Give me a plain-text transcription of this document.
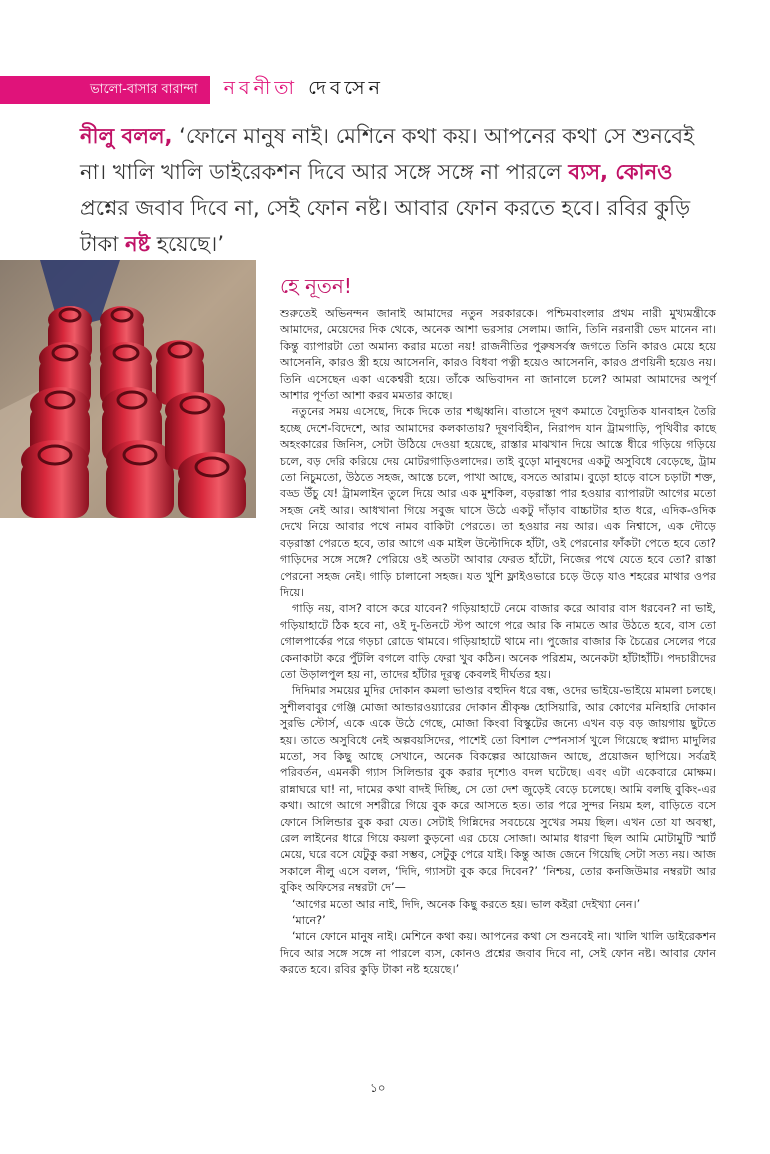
ভালো-বাসার বারান্দা	নবনীতা দেবসেন

নীলু বলল, ‘ফোনে মানুষ নাই। মেশিনে কথা কয়। আপনের কথা সে শুনবেই না। খালি খালি ডাইরেকশন দিবে আর সঙ্গে সঙ্গে না পারলে ব্যস, কোনও প্রশ্নের জবাব দিবে না, সেই ফোন নষ্ট। আবার ফোন করতে হবে। রবির কুড়ি টাকা নষ্ট হয়েছে।’

হে নূতন!

শুরুতেই অভিনন্দন জানাই আমাদের নতুন সরকারকে। পশ্চিমবাংলার প্রথম নারী মুখ্যমন্ত্রীকে আমাদের, মেয়েদের দিক থেকে, অনেক আশা ভরসার সেলাম। জানি, তিনি নরনারী ভেদ মানেন না। কিন্তু ব্যাপারটা তো অমান্য করার মতো নয়! রাজনীতির পুরুষসর্বস্ব জগতে তিনি কারও মেয়ে হয়ে আসেননি, কারও স্ত্রী হয়ে আসেননি, কারও বিধবা পত্নী হয়েও আসেননি, কারও প্রণয়িনী হয়েও নয়। তিনি এসেছেন একা একেশ্বরী হয়ে। তাঁকে অভিবাদন না জানালে চলে? আমরা আমাদের অপূর্ণ আশার পূর্ণতা আশা করব মমতার কাছে।

নতুনের সময় এসেছে, দিকে দিকে তার শঙ্খধ্বনি। বাতাসে দূষণ কমাতে বৈদ্যুতিক যানবাহন তৈরি হচ্ছে দেশে-বিদেশে, আর আমাদের কলকাতায়? দূষণবিহীন, নিরাপদ যান ট্রামগাড়ি, পৃথিবীর কাছে অহংকারের জিনিস, সেটা উঠিয়ে দেওয়া হয়েছে, রাস্তার মাঝখান দিয়ে আস্তে ধীরে গড়িয়ে গড়িয়ে চলে, বড় দেরি করিয়ে দেয় মোটরগাড়িওলাদের। তাই বুড়ো মানুষদের একটু অসুবিধে বেড়েছে, ট্রাম তো নিচুমতো, উঠতে সহজ, আস্তে চলে, পাখা আছে, বসতে আরাম। বুড়ো হাড়ে বাসে চড়াটা শক্ত, বড্ড উঁচু যে! ট্রামলাইন তুলে দিয়ে আর এক মুশকিল, বড়রাস্তা পার হওয়ার ব্যাপারটা আগের মতো সহজ নেই আর। আধখানা গিয়ে সবুজ ঘাসে উঠে একটু দাঁড়াব বাচ্চাটার হাত ধরে, এদিক-ওদিক দেখে নিয়ে আবার পথে নামব বাকিটা পেরতে। তা হওয়ার নয় আর। এক নিশ্বাসে, এক দৌড়ে বড়রাস্তা পেরতে হবে, তার আগে এক মাইল উল্টোদিকে হাঁটা, ওই পেরনোর ফাঁকটা পেতে হবে তো? গাড়িদের সঙ্গে সঙ্গে? পেরিয়ে ওই অতটা আবার ফেরত হাঁটো, নিজের পথে যেতে হবে তো? রাস্তা পেরনো সহজ নেই। গাড়ি চালানো সহজ। যত খুশি ফ্লাইওভারে চড়ে উড়ে যাও শহরের মাথার ওপর দিয়ে।

গাড়ি নয়, বাস? বাসে করে যাবেন? গড়িয়াহাটে নেমে বাজার করে আবার বাস ধরবেন? না ভাই, গড়িয়াহাটে ঠিক হবে না, ওই দু-তিনটে স্টপ আগে পরে আর কি নামতে আর উঠতে হবে, বাস তো গোলপার্কের পরে গড়চা রোডে থামবে। গড়িয়াহাটে থামে না। পুজোর বাজার কি চৈত্রের সেলের পরে কেনাকাটা করে পুঁটলি বগলে বাড়ি ফেরা খুব কঠিন। অনেক পরিশ্রম, অনেকটা হাঁটাহাঁটি। পদচারীদের তো উড়ালপুল হয় না, তাদের হাঁটার দূরত্ব কেবলই দীর্ঘতর হয়।

দিদিমার সময়ের মুদির দোকান কমলা ভাণ্ডার বহুদিন ধরে বন্ধ, ওদের ভাইয়ে-ভাইয়ে মামলা চলছে। সুশীলবাবুর গেঞ্জি মোজা আন্ডারওয়্যারের দোকান শ্রীকৃষ্ণ হোসিয়ারি, আর কোণের মনিহারি দোকান সুরভি স্টোর্স, একে একে উঠে গেছে, মোজা কিংবা বিস্কুটের জন্যে এখন বড় বড় জায়গায় ছুটতে হয়। তাতে অসুবিধে নেই অল্পবয়সিদের, পাশেই তো বিশাল স্পেনসার্স খুলে গিয়েছে স্বপ্নাদ্য মাদুলির মতো, সব কিছু আছে সেখানে, অনেক বিকল্পের আয়োজন আছে, প্রয়োজন ছাপিয়ে। সর্বত্রই পরিবর্তন, এমনকী গ্যাস সিলিন্ডার বুক করার দৃশ্যেও বদল ঘটেছে। এবং এটা একেবারে মোক্ষম। রান্নাঘরে ঘা! না, দামের কথা বাদই দিচ্ছি, সে তো দেশ জুড়েই বেড়ে চলেছে। আমি বলছি বুকিং-এর কথা। আগে আগে সশরীরে গিয়ে বুক করে আসতে হত। তার পরে সুন্দর নিয়ম হল, বাড়িতে বসে ফোনে সিলিন্ডার বুক করা যেত। সেটাই গিন্নিদের সবচেয়ে সুখের সময় ছিল। এখন তো যা অবস্থা, রেল লাইনের ধারে গিয়ে কয়লা কুড়নো এর চেয়ে সোজা। আমার ধারণা ছিল আমি মোটামুটি স্মার্ট মেয়ে, ঘরে বসে যেটুকু করা সম্ভব, সেটুকু পেরে যাই। কিন্তু আজ জেনে গিয়েছি সেটা সত্য নয়। আজ সকালে নীলু এসে বলল, ‘দিদি, গ্যাসটা বুক করে দিবেন?’ ‘নিশ্চয়, তোর কনজিউমার নম্বরটা আর বুকিং অফিসের নম্বরটা দে’—

‘আগের মতো আর নাই, দিদি, অনেক কিছু করতে হয়। ভাল কইরা দেইখ্যা নেন।’

‘মানে?’

‘মানে ফোনে মানুষ নাই। মেশিনে কথা কয়। আপনের কথা সে শুনবেই না। খালি খালি ডাইরেকশন দিবে আর সঙ্গে সঙ্গে না পারলে ব্যস, কোনও প্রশ্নের জবাব দিবে না, সেই ফোন নষ্ট। আবার ফোন করতে হবে। রবির কুড়ি টাকা নষ্ট হয়েছে।’

১০
